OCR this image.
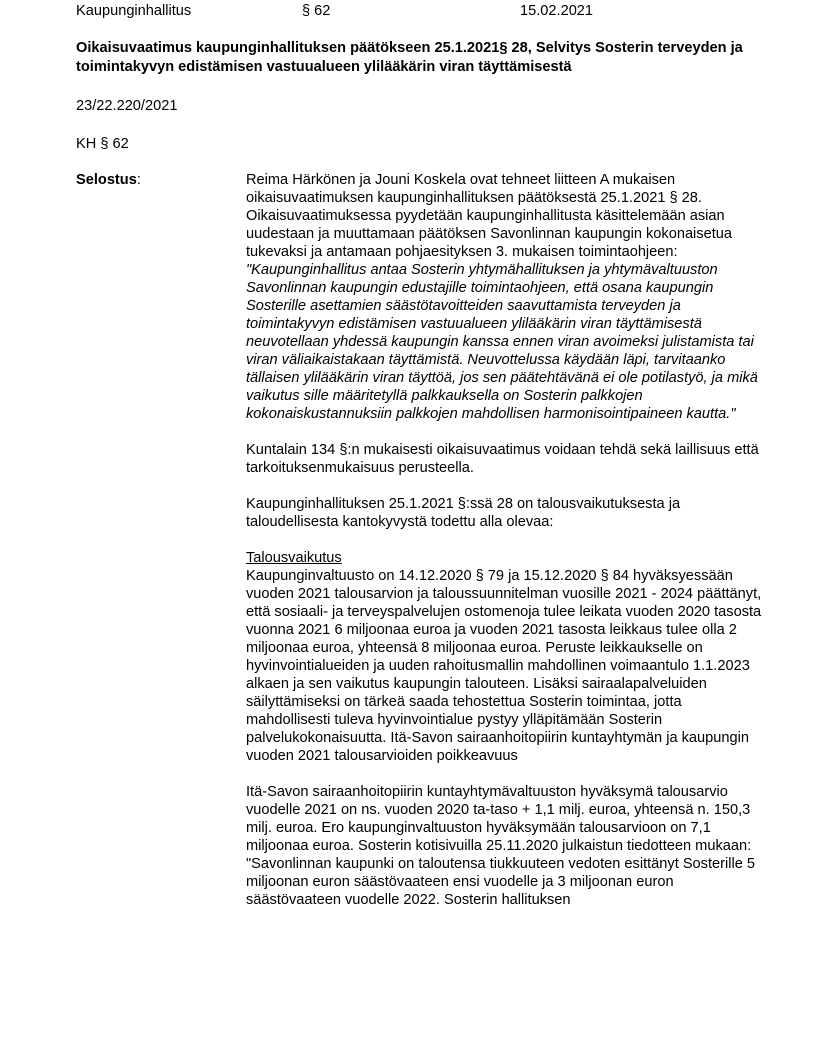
Kaupunginhallitus	§ 62	15.02.2021
Oikaisuvaatimus kaupunginhallituksen päätökseen 25.1.2021§ 28, Selvitys Sosterin terveyden ja toimintakyvyn edistämisen vastuualueen ylilääkärin viran täyttämisestä
23/22.220/2021
KH § 62
Selostus:	Reima Härkönen ja Jouni Koskela ovat tehneet liitteen A mukaisen oikaisuvaatimuksen kaupunginhallituksen päätöksestä 25.1.2021 § 28. Oikaisuvaatimuksessa pyydetään kaupunginhallitusta käsittelemään asian uudestaan ja muuttamaan päätöksen Savonlinnan kaupungin kokonaisetua tukevaksi ja antamaan pohjaesityksen 3. mukaisen toimintaohjeen:
"Kaupunginhallitus antaa Sosterin yhtymähallituksen ja yhtymävaltuuston Savonlinnan kaupungin edustajille toimintaohjeen, että osana kaupungin Sosterille asettamien säästötavoitteiden saavuttamista terveyden ja toimintakyvyn edistämisen vastuualueen ylilääkärin viran täyttämisestä neuvotellaan yhdessä kaupungin kanssa ennen viran avoimeksi julistamista tai viran väliaikaistakaan täyttämistä. Neuvottelussa käydään läpi, tarvitaanko tällaisen ylilääkärin viran täyttöä, jos sen päätehtävänä ei ole potilastyö, ja mikä vaikutus sille määritetyllä palkkauksella on Sosterin palkkojen kokonaiskustannuksiin palkkojen mahdollisen harmonisointipaineen kautta."

Kuntalain 134 §:n mukaisesti oikaisuvaatimus voidaan tehdä sekä laillisuus että tarkoituksenmukaisuus perusteella.

Kaupunginhallituksen 25.1.2021 §:ssä 28 on talousvaikutuksesta ja taloudellisesta kantokyvystä todettu alla olevaa:

Talousvaikutus
Kaupunginvaltuusto on 14.12.2020 § 79 ja 15.12.2020 § 84 hyväksyessään vuoden 2021 talousarvion ja taloussuunnitelman vuosille 2021 - 2024 päättänyt, että sosiaali- ja terveyspalvelujen ostomenoja tulee leikata vuoden 2020 tasosta vuonna 2021 6 miljoonaa euroa ja vuoden 2021 tasosta leikkaus tulee olla 2 miljoonaa euroa, yhteensä 8 miljoonaa euroa. Peruste leikkaukselle on hyvinvointialueiden ja uuden rahoitusmallin mahdollinen voimaantulo 1.1.2023 alkaen ja sen vaikutus kaupungin talouteen. Lisäksi sairaalapalveluiden säilyttämiseksi on tärkeä saada tehostettua Sosterin toimintaa, jotta mahdollisesti tuleva hyvinvointialue pystyy ylläpitämään Sosterin palvelukokonaisuutta. Itä-Savon sairaanhoitopiirin kuntayhtymän ja kaupungin vuoden 2021 talousarvioiden poikkeavuus

Itä-Savon sairaanhoitopiirin kuntayhtymävaltuuston hyväksymä talousarvio vuodelle 2021 on ns. vuoden 2020 ta-taso + 1,1 milj. euroa, yhteensä n. 150,3 milj. euroa. Ero kaupunginvaltuuston hyväksymään talousarvioon on 7,1 miljoonaa euroa. Sosterin kotisivuilla 25.11.2020 julkaistun tiedotteen mukaan:
"Savonlinnan kaupunki on taloutensa tiukkuuteen vedoten esittänyt Sosterille 5 miljoonan euron säästövaateen ensi vuodelle ja 3 miljoonan euron säästövaateen vuodelle 2022. Sosterin hallituksen
